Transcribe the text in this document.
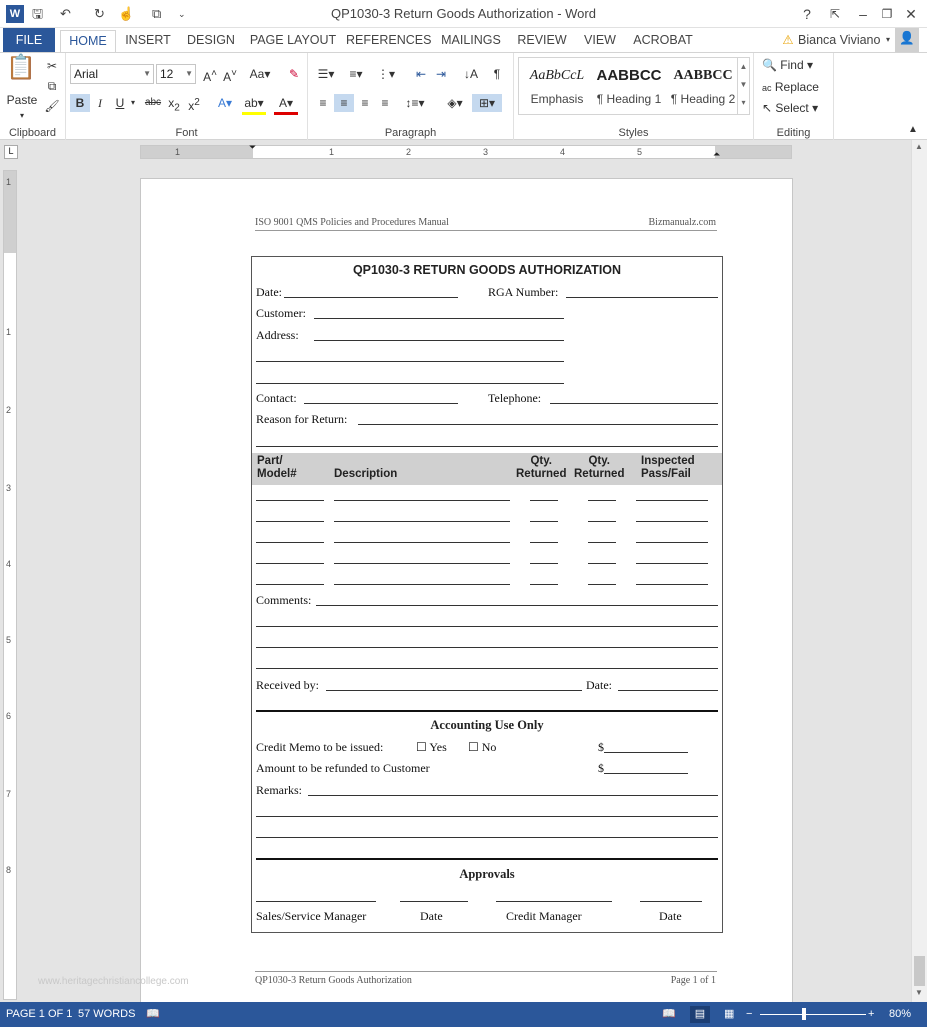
W 🖫 ↶ ↻ ☝ ⧉ ⌄	QP1030-3 Return Goods Authorization - Word	?	⇱	–	❐ ✕
FILE	HOME	INSERT	DESIGN	PAGE LAYOUT REFERENCES MAILINGS	REVIEW	VIEW	ACROBAT	⚠ Bianca Viviano ▾ 👤
📋
Paste
▾
✂
⧉
🖌
Clipboard
Arial	▼ 12 ▼ A˄ A˅ Aa▾ ✎
B	I	U ▾ abc $x_2$ $x^2$	A▾	ab▾	A▾
Font
☰▾	≡▾	⋮▾	⇤ ⇥	↓A	¶
≡	≡	≡	≡	↕≡▾	◈▾	⊞▾
Paragraph
AaBbCcL
Emphasis
AABBCC
¶ Heading 1
AABBCC
¶ Heading 2
▲
▼
▾
Styles
🔍 Find ▾
ac Replace
↖ Select ▾
Editing	▲
L	1	1	2	3	4	5
⏷
⏶
1
1
2
3
4
5
6
7
8
▲
▼
ISO 9001 QMS Policies and Procedures Manual	Bizmanualz.com
QP1030-3 RETURN GOODS AUTHORIZATION
Date:	RGA Number:
Customer:
Address:
Contact:	Telephone:
Reason for Return:
Part/
Model#	Description
Qty.
Returned
Qty.
Returned
Inspected
Pass/Fail
Comments:
Received by:	Date:
Accounting Use Only
Credit Memo to be issued:	☐ Yes ☐ No	$
Amount to be refunded to Customer	$
Remarks:
Approvals
Sales/Service Manager	Date	Credit Manager	Date
QP1030-3 Return Goods Authorization	Page 1 of 1
www.heritagechristiancollege.com
PAGE 1 OF 1 57 WORDS 📖	📖	▤	▦ −	+ 80%
